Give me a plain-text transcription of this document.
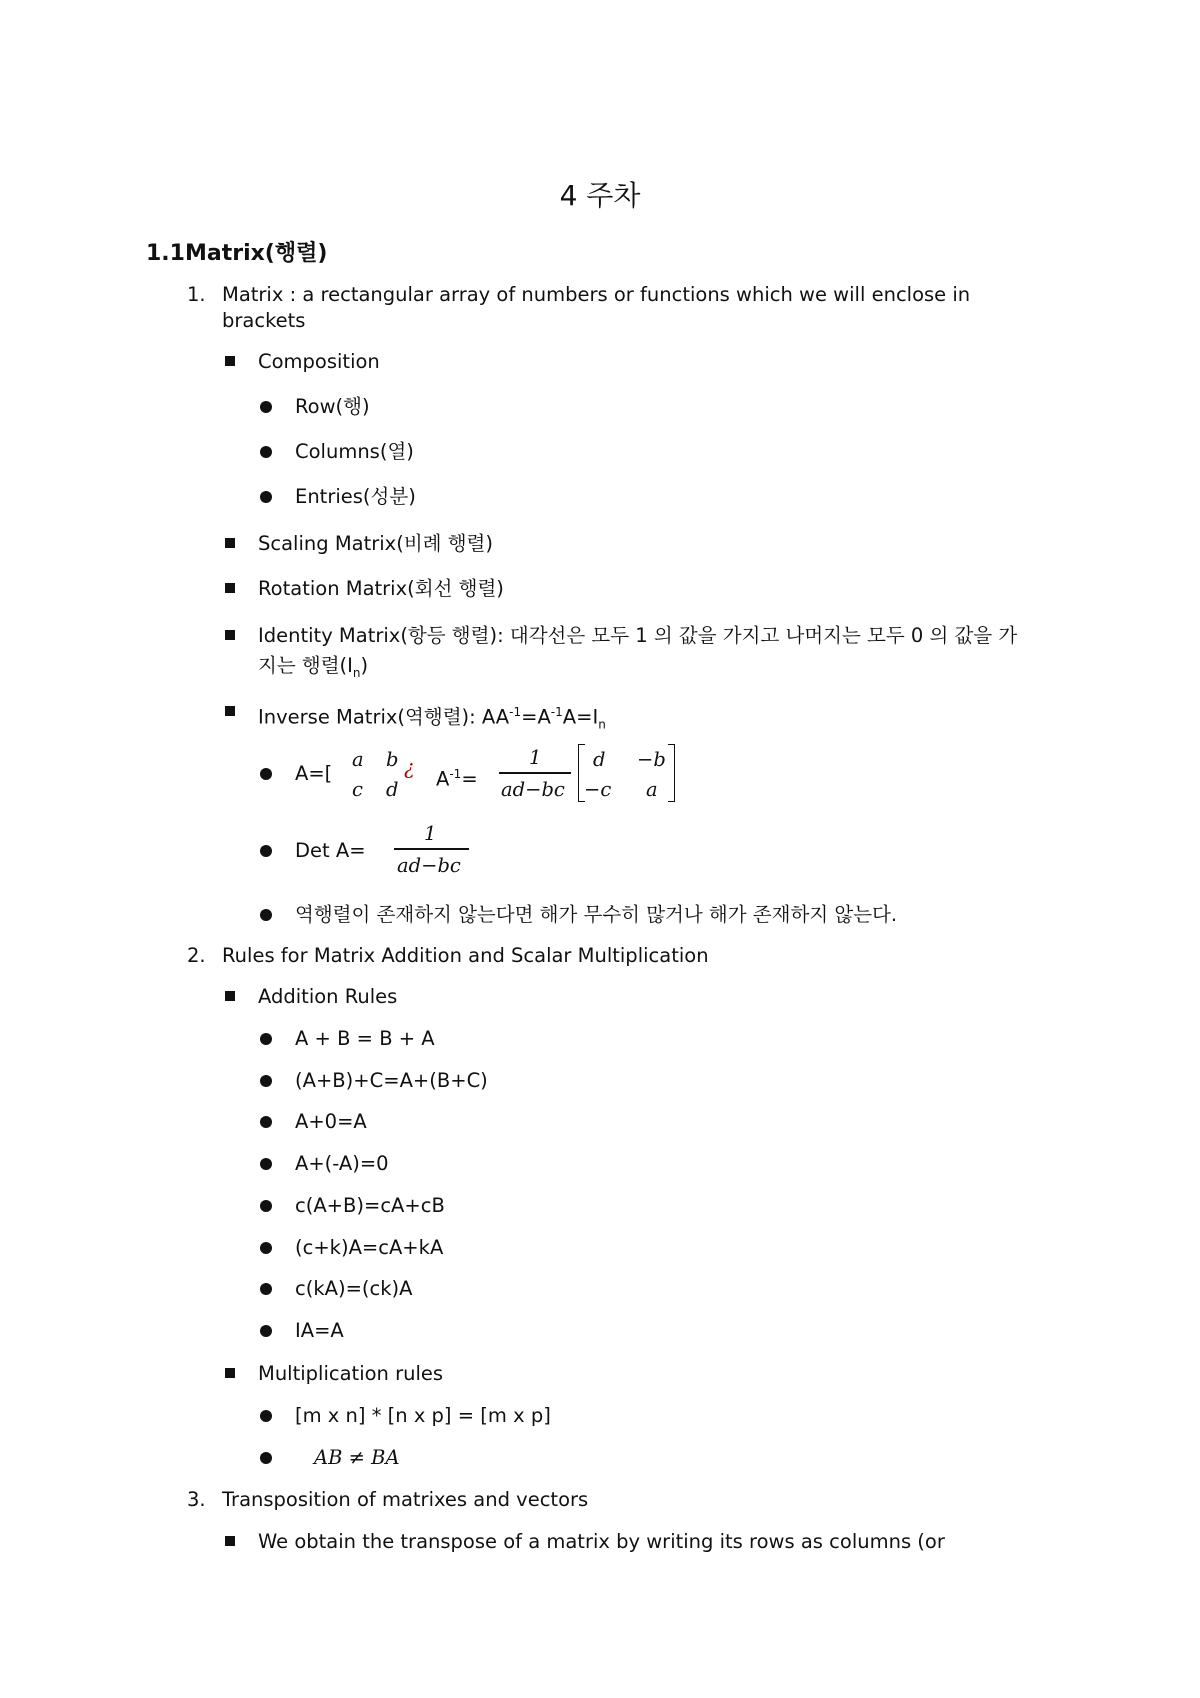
4 주차
1.1Matrix(행렬)
1. Matrix : a rectangular array of numbers or functions which we will enclose in
brackets
Composition
Row(행)
Columns(열)
Entries(성분)
Scaling Matrix(비례 행렬)
Rotation Matrix(회선 행렬)
Identity Matrix(항등 행렬): 대각선은 모두 1 의 값을 가지고 나머지는 모두 0 의 값을 가
지는 행렬$(I_n)$
Inverse Matrix(역행렬): $AA^{-1}=A^{-1}A=I_n$
A=[
a b ¿
c d $A^{-1}=$
1
ad−bc
d −b
−c a
Det A=
1
ad−bc
역행렬이 존재하지 않는다면 해가 무수히 많거나 해가 존재하지 않는다.
2. Rules for Matrix Addition and Scalar Multiplication
Addition Rules
A + B = B + A
(A+B)+C=A+(B+C)
A+0=A
A+(-A)=0
c(A+B)=cA+cB
(c+k)A=cA+kA
c(kA)=(ck)A
IA=A
Multiplication rules
[m x n] * [n x p] = [m x p]
AB ≠ BA
3. Transposition of matrixes and vectors
We obtain the transpose of a matrix by writing its rows as columns (or
